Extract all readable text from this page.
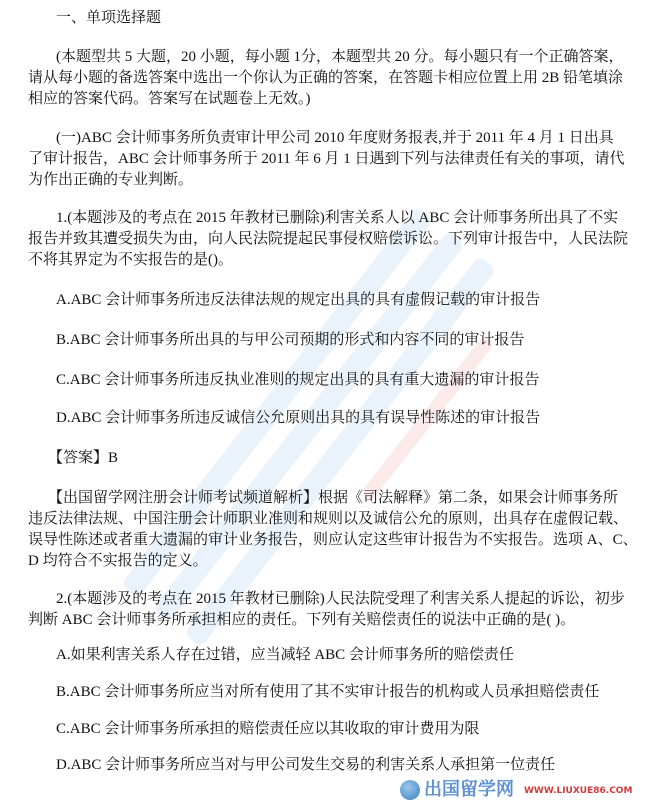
一、单项选择题
(本题型共 5 大题，20 小题，每小题 1分，本题型共 20 分。每小题只有一个正确答案，
请从每小题的备选答案中选出一个你认为正确的答案，在答题卡相应位置上用 2B 铅笔填涂
相应的答案代码。答案写在试题卷上无效。)
(一)ABC 会计师事务所负责审计甲公司 2010 年度财务报表,并于 2011 年 4 月 1 日出具
了审计报告，ABC 会计师事务所于 2011 年 6 月 1 日遇到下列与法律责任有关的事项，请代
为作出正确的专业判断。
1.(本题涉及的考点在 2015 年教材已删除)利害关系人以 ABC 会计师事务所出具了不实
报告并致其遭受损失为由，向人民法院提起民事侵权赔偿诉讼。下列审计报告中，人民法院
不将其界定为不实报告的是()。
A.ABC 会计师事务所违反法律法规的规定出具的具有虚假记载的审计报告
B.ABC 会计师事务所出具的与甲公司预期的形式和内容不同的审计报告
C.ABC 会计师事务所违反执业准则的规定出具的具有重大遗漏的审计报告
D.ABC 会计师事务所违反诚信公允原则出具的具有误导性陈述的审计报告
【答案】B
【出国留学网注册会计师考试频道解析】根据《司法解释》第二条，如果会计师事务所
违反法律法规、中国注册会计师职业准则和规则以及诚信公允的原则，出具存在虚假记载、
误导性陈述或者重大遗漏的审计业务报告，则应认定这些审计报告为不实报告。选项 A、C、
D 均符合不实报告的定义。
2.(本题涉及的考点在 2015 年教材已删除)人民法院受理了利害关系人提起的诉讼，初步
判断 ABC 会计师事务所承担相应的责任。下列有关赔偿责任的说法中正确的是( )。
A.如果利害关系人存在过错，应当减轻 ABC 会计师事务所的赔偿责任
B.ABC 会计师事务所应当对所有使用了其不实审计报告的机构或人员承担赔偿责任
C.ABC 会计师事务所承担的赔偿责任应以其收取的审计费用为限
D.ABC 会计师事务所应当对与甲公司发生交易的利害关系人承担第一位责任
出国留学网 WWW.LIUXUE86.COM
